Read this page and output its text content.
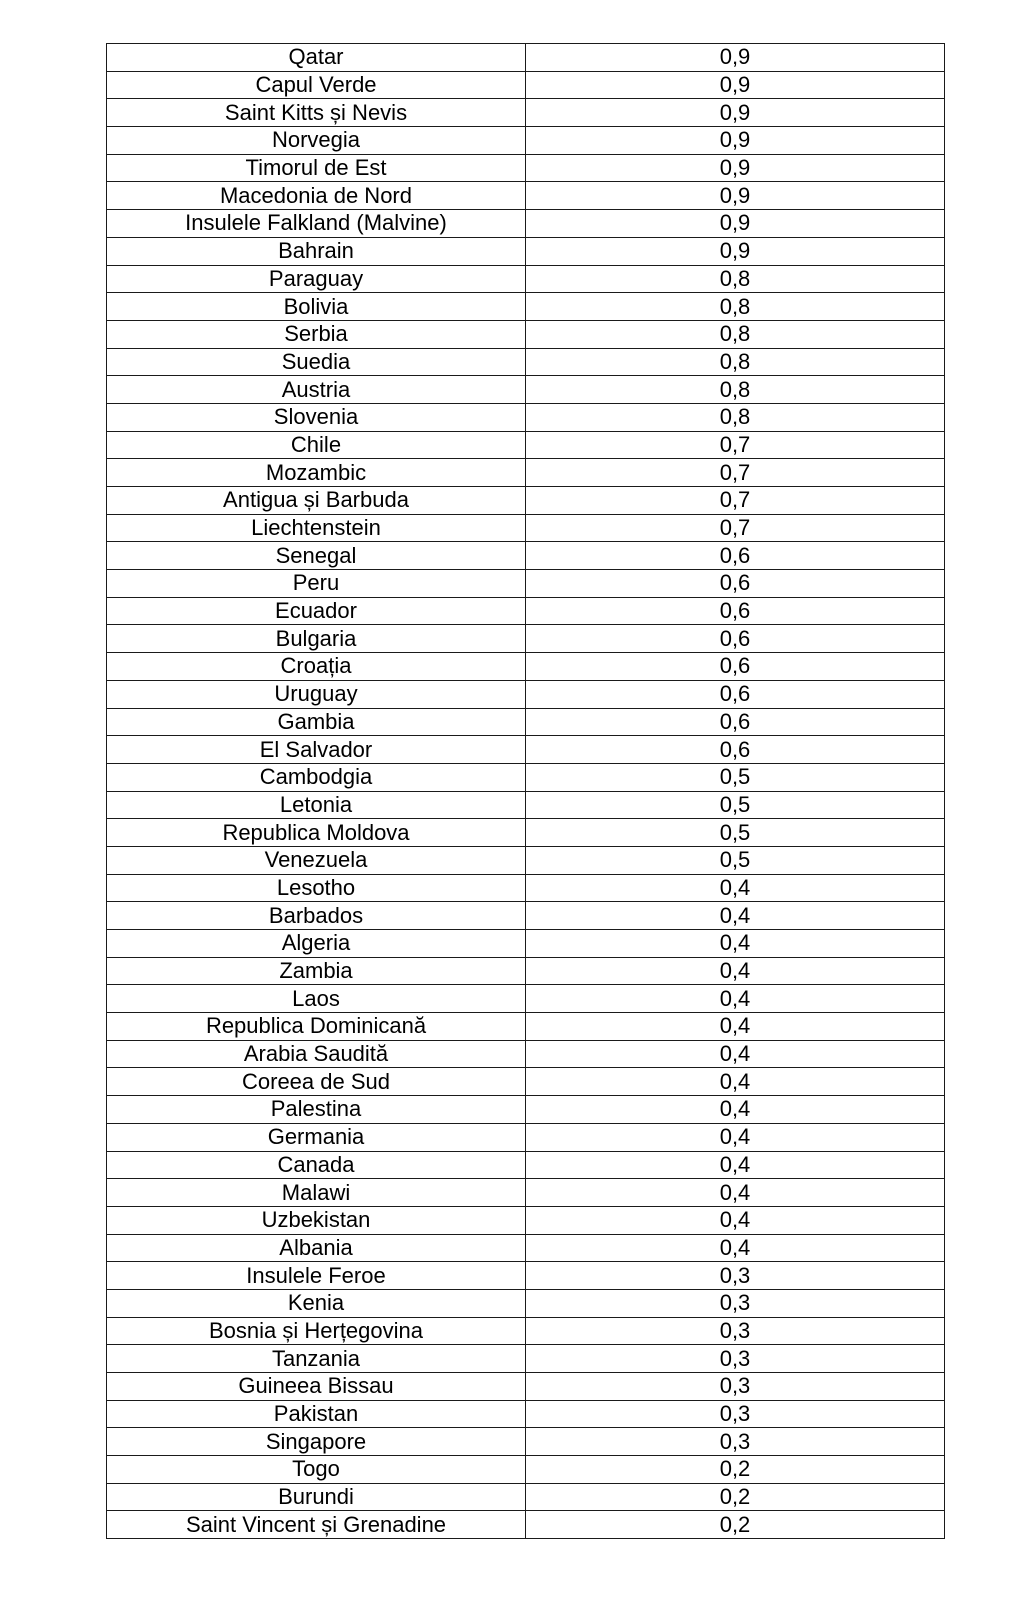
Qatar	0,9
Capul Verde	0,9
Saint Kitts și Nevis	0,9
Norvegia	0,9
Timorul de Est	0,9
Macedonia de Nord	0,9
Insulele Falkland (Malvine)	0,9
Bahrain	0,9
Paraguay	0,8
Bolivia	0,8
Serbia	0,8
Suedia	0,8
Austria	0,8
Slovenia	0,8
Chile	0,7
Mozambic	0,7
Antigua și Barbuda	0,7
Liechtenstein	0,7
Senegal	0,6
Peru	0,6
Ecuador	0,6
Bulgaria	0,6
Croația	0,6
Uruguay	0,6
Gambia	0,6
El Salvador	0,6
Cambodgia	0,5
Letonia	0,5
Republica Moldova	0,5
Venezuela	0,5
Lesotho	0,4
Barbados	0,4
Algeria	0,4
Zambia	0,4
Laos	0,4
Republica Dominicană	0,4
Arabia Saudită	0,4
Coreea de Sud	0,4
Palestina	0,4
Germania	0,4
Canada	0,4
Malawi	0,4
Uzbekistan	0,4
Albania	0,4
Insulele Feroe	0,3
Kenia	0,3
Bosnia și Herțegovina	0,3
Tanzania	0,3
Guineea Bissau	0,3
Pakistan	0,3
Singapore	0,3
Togo	0,2
Burundi	0,2
Saint Vincent și Grenadine	0,2
